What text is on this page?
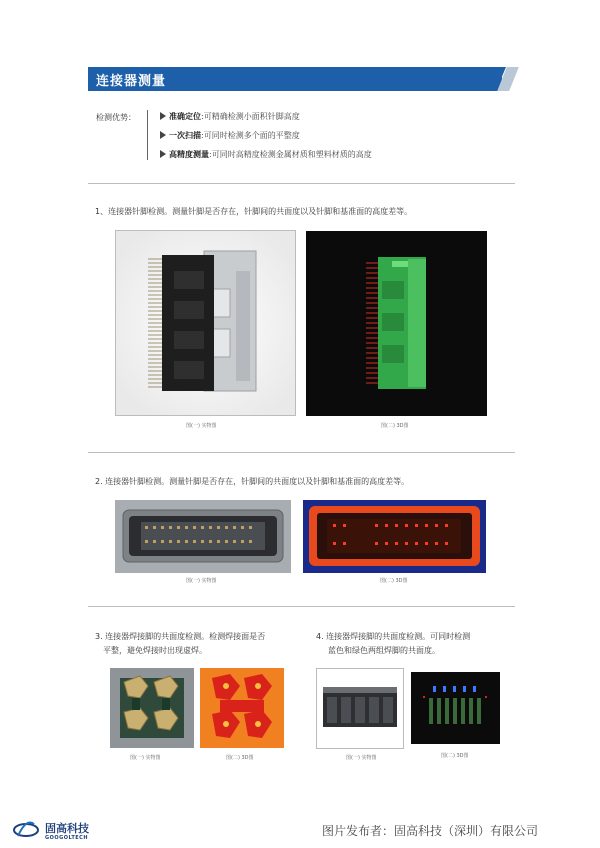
连接器测量
检测优势：	准确定位:可精确检测小面积针脚高度
一次扫描:可同时检测多个面的平整度
高精度测量:可同时高精度检测金属材质和塑料材质的高度
1、连接器针脚检测。测量针脚是否存在，针脚间的共面度以及针脚和基准面的高度差等。
图(一) 实物图	图(二) 3D图
2. 连接器针脚检测。测量针脚是否存在，针脚间的共面度以及针脚和基准面的高度差等。
图(一) 实物图	图(二) 3D图
3. 连接器焊接脚的共面度检测。检测焊接面是否
平整，避免焊接时出现虚焊。
图(一) 实物图	图(二) 3D图
4. 连接器焊接脚的共面度检测。可同时检测
蓝色和绿色两组焊脚的共面度。
图(一) 实物图	图(二) 3D图
固高科技
GOOGOLTECH	图片发布者：固高科技（深圳）有限公司
